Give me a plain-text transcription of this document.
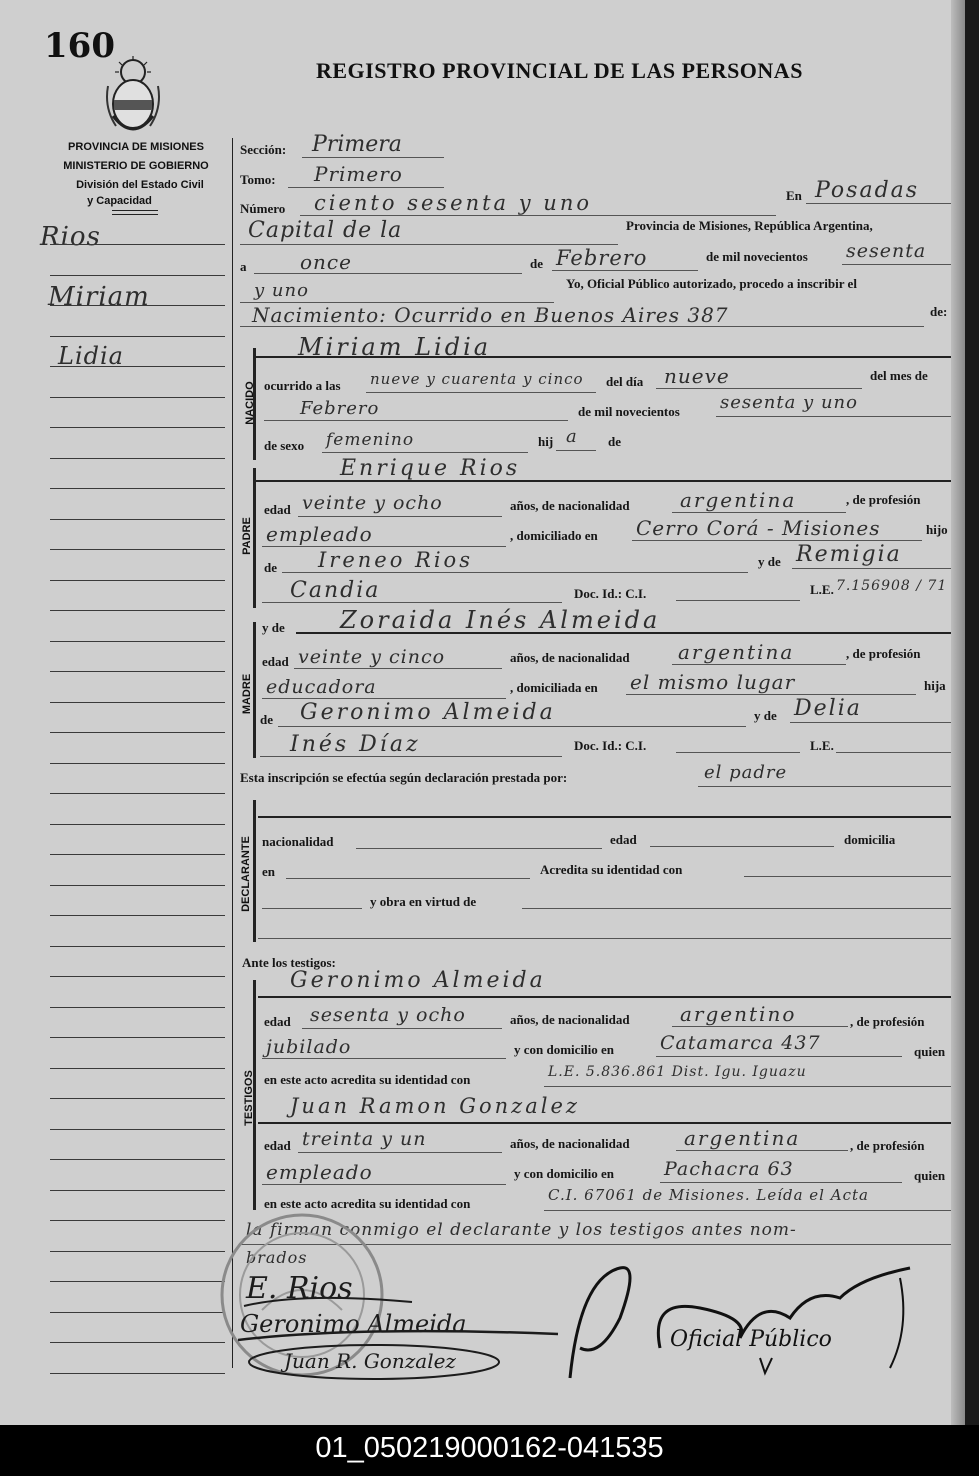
160
REGISTRO PROVINCIAL DE LAS PERSONAS
PROVINCIA DE MISIONES
MINISTERIO DE GOBIERNO
División del Estado Civil
y Capacidad
Rios
Miriam
Lidia
Sección: Primera
Tomo: Primero
Número ciento sesenta y uno	En Posadas
Capital de la	Provincia de Misiones, República Argentina,
a	once	de Febrero	de mil novecientos sesenta
y uno	Yo, Oficial Público autorizado, procedo a inscribir el
Nacimiento: Ocurrido en Buenos Aires 387	de:
NACIDO
Miriam Lidia
ocurrido a las nueve y cuarenta y cinco del día nueve	del mes de
Febrero	de mil novecientos sesenta y uno
de sexo femenino	hij a de
PADRE
Enrique Rios
edad veinte y ocho	años, de nacionalidad	argentina	, de profesión
empleado	, domiciliado en Cerro Corá - Misiones	hijo
de Ireneo Rios	y de Remigia
Candia	Doc. Id.: C.I.	L.E. 7.156908 / 71
MADRE
y de Zoraida Inés Almeida
edad veinte y cinco	años, de nacionalidad argentina	, de profesión
educadora	, domiciliada en el mismo lugar	hija
de Geronimo Almeida	y de Delia
Inés Díaz	Doc. Id.: C.I.	L.E.
Esta inscripción se efectúa según declaración prestada por:	el padre
DECLARANTE nacionalidad	edad	domicilia
en	Acredita su identidad con
y obra en virtud de
Ante los testigos:
TESTIGOS
Geronimo Almeida
edad sesenta y ocho	años, de nacionalidad	argentino	, de profesión
jubilado	y con domicilio en Catamarca 437	quien
en este acto acredita su identidad con	L.E. 5.836.861 Dist. Igu. Iguazu
Juan Ramon Gonzalez
edad treinta y un	años, de nacionalidad	argentina	, de profesión
empleado	y con domicilio en	Pachacra 63	quien
en este acto acredita su identidad con	C.I. 67061 de Misiones. Leída el Acta
la firman conmigo el declarante y los testigos antes nom-
brados
E. Rios
Geronimo Almeida
Juan R. Gonzalez
Oficial Público
01_050219000162-041535
